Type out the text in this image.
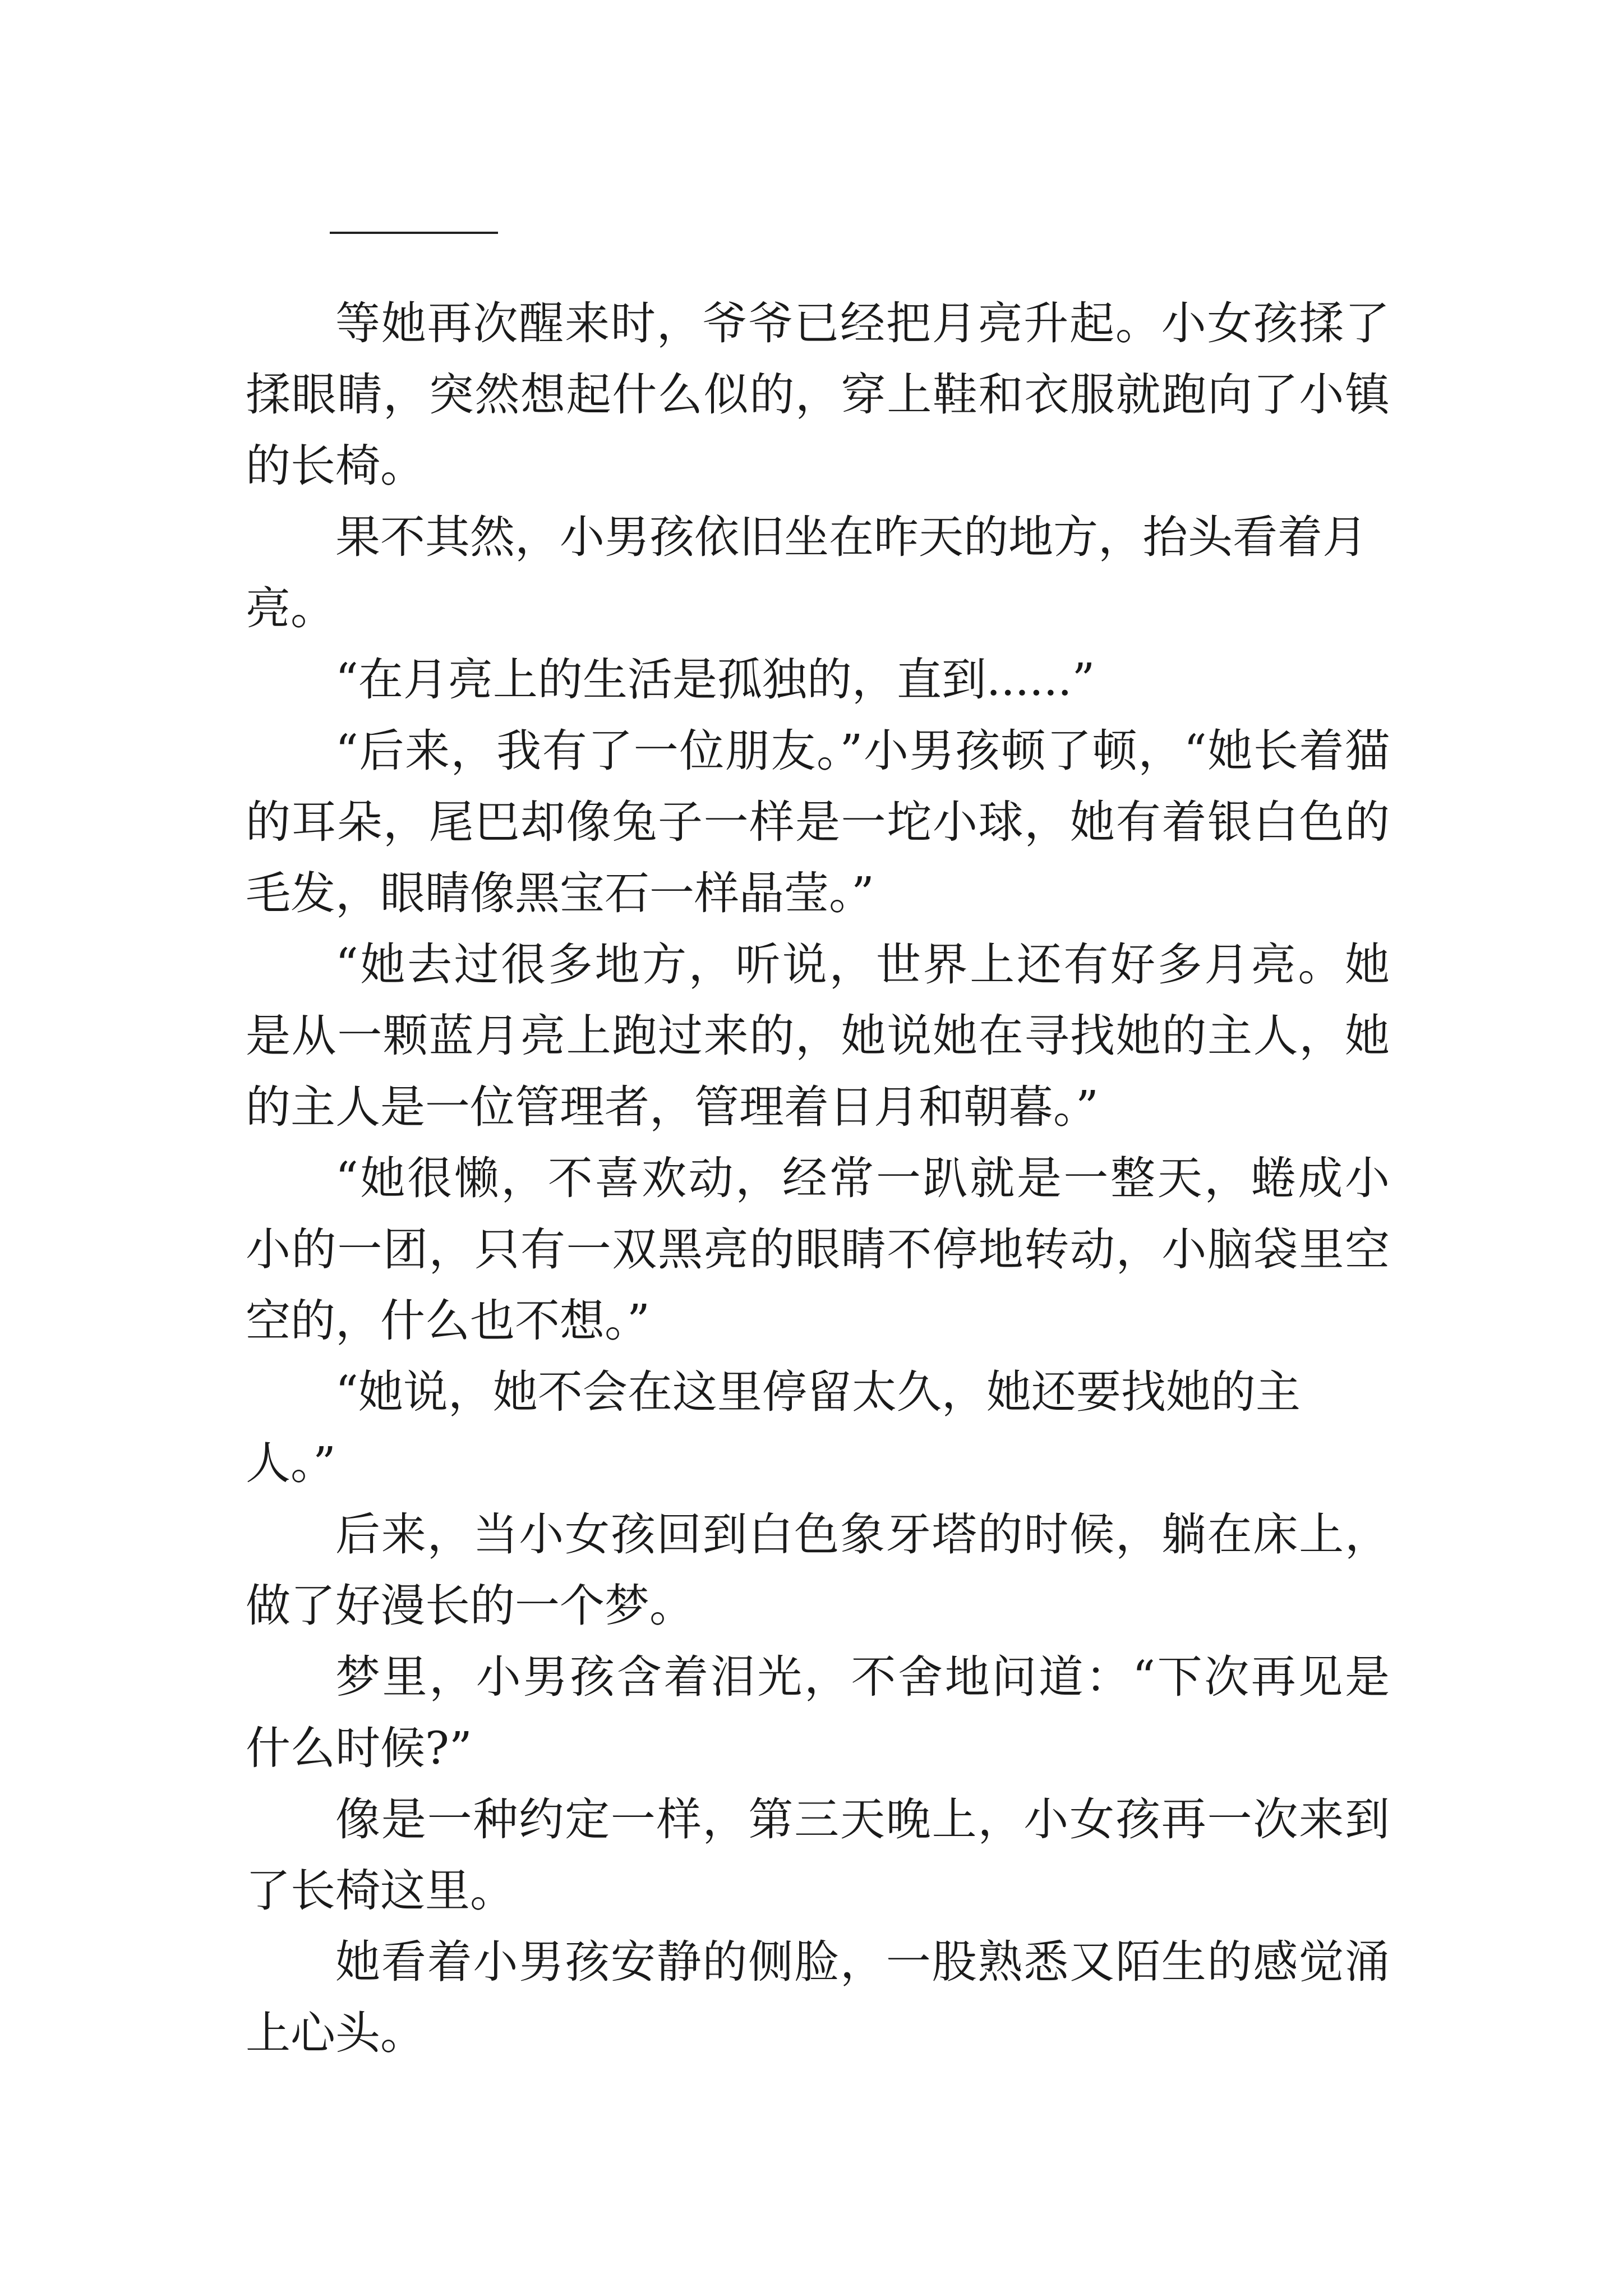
等她再次醒来时，爷爷已经把月亮升起。小女孩揉了揉眼睛，突然想起什么似的，穿上鞋和衣服就跑向了小镇的长椅。

果不其然，小男孩依旧坐在昨天的地方，抬头看着月亮。

“在月亮上的生活是孤独的，直到......”

“后来，我有了一位朋友。”小男孩顿了顿，“她长着猫的耳朵，尾巴却像兔子一样是一坨小球，她有着银白色的毛发，眼睛像黑宝石一样晶莹。”

“她去过很多地方，听说，世界上还有好多月亮。她是从一颗蓝月亮上跑过来的，她说她在寻找她的主人，她的主人是一位管理者，管理着日月和朝暮。”

“她很懒，不喜欢动，经常一趴就是一整天，蜷成小小的一团，只有一双黑亮的眼睛不停地转动，小脑袋里空空的，什么也不想。”

“她说，她不会在这里停留太久，她还要找她的主人。”

后来，当小女孩回到白色象牙塔的时候，躺在床上，做了好漫长的一个梦。

梦里，小男孩含着泪光，不舍地问道：“下次再见是什么时候?”

像是一种约定一样，第三天晚上，小女孩再一次来到了长椅这里。

她看着小男孩安静的侧脸，一股熟悉又陌生的感觉涌上心头。
